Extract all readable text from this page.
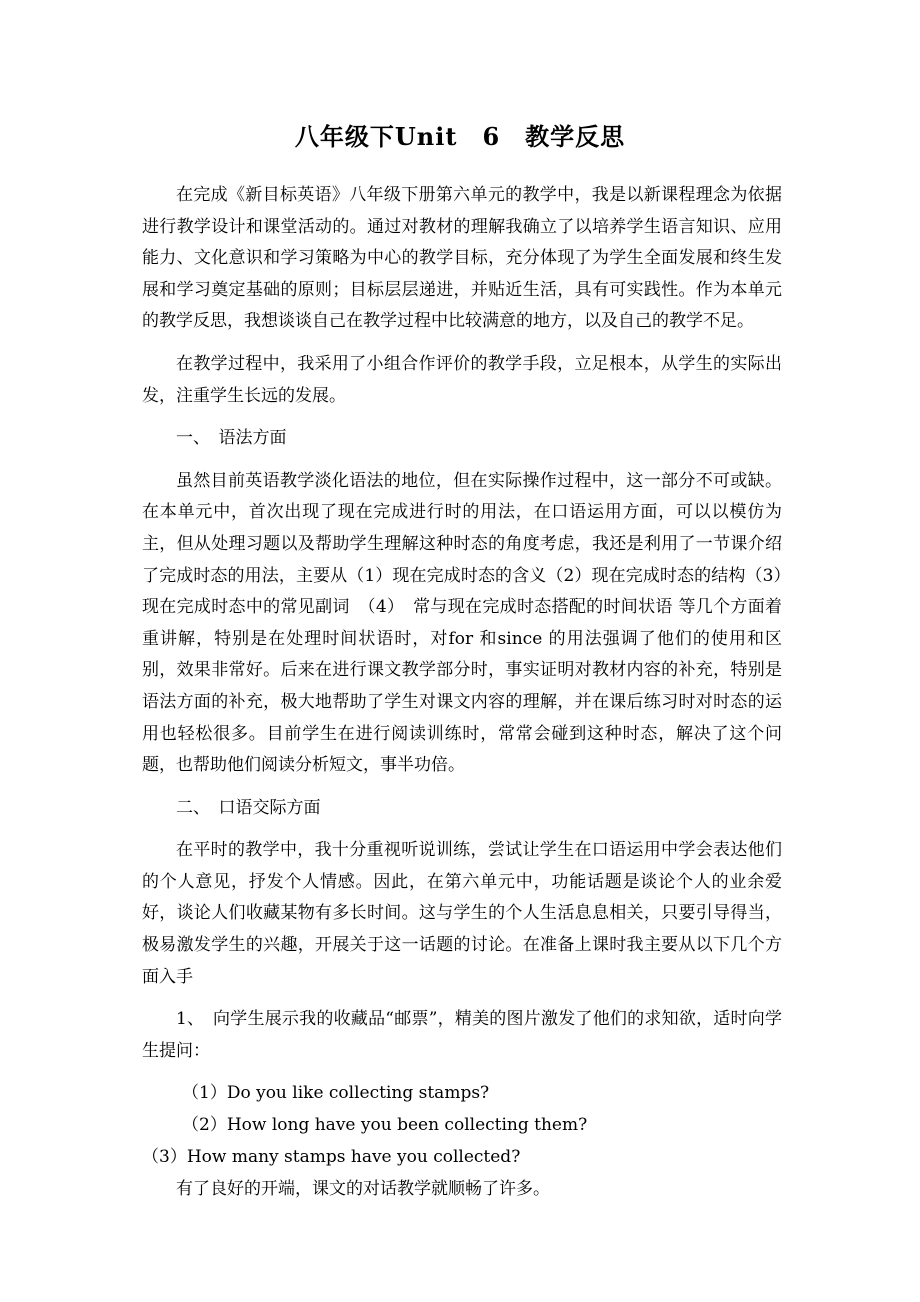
八年级下Unit　6　教学反思

在完成《新目标英语》八年级下册第六单元的教学中，我是以新课程理念为依据进行教学设计和课堂活动的。通过对教材的理解我确立了以培养学生语言知识、应用能力、文化意识和学习策略为中心的教学目标，充分体现了为学生全面发展和终生发展和学习奠定基础的原则；目标层层递进，并贴近生活，具有可实践性。作为本单元的教学反思，我想谈谈自己在教学过程中比较满意的地方，以及自己的教学不足。

在教学过程中，我采用了小组合作评价的教学手段，立足根本，从学生的实际出发，注重学生长远的发展。

一、　语法方面

虽然目前英语教学淡化语法的地位，但在实际操作过程中，这一部分不可或缺。在本单元中，首次出现了现在完成进行时的用法，在口语运用方面，可以以模仿为主，但从处理习题以及帮助学生理解这种时态的角度考虑，我还是利用了一节课介绍了完成时态的用法，主要从（1）现在完成时态的含义（2）现在完成时态的结构（3）现在完成时态中的常见副词　（4）　常与现在完成时态搭配的时间状语 等几个方面着重讲解，特别是在处理时间状语时，对for 和since 的用法强调了他们的使用和区别，效果非常好。后来在进行课文教学部分时，事实证明对教材内容的补充，特别是语法方面的补充，极大地帮助了学生对课文内容的理解，并在课后练习时对时态的运用也轻松很多。目前学生在进行阅读训练时，常常会碰到这种时态，解决了这个问题，也帮助他们阅读分析短文，事半功倍。

二、　口语交际方面

在平时的教学中，我十分重视听说训练，尝试让学生在口语运用中学会表达他们的个人意见，抒发个人情感。因此，在第六单元中，功能话题是谈论个人的业余爱好，谈论人们收藏某物有多长时间。这与学生的个人生活息息相关，只要引导得当，极易激发学生的兴趣，开展关于这一话题的讨论。在准备上课时我主要从以下几个方面入手

1、　向学生展示我的收藏品“邮票”，精美的图片激发了他们的求知欲，适时向学生提问：

（1）Do you like collecting stamps?

（2）How long have you been collecting them?

（3）How many stamps have you collected?

有了良好的开端，课文的对话教学就顺畅了许多。
